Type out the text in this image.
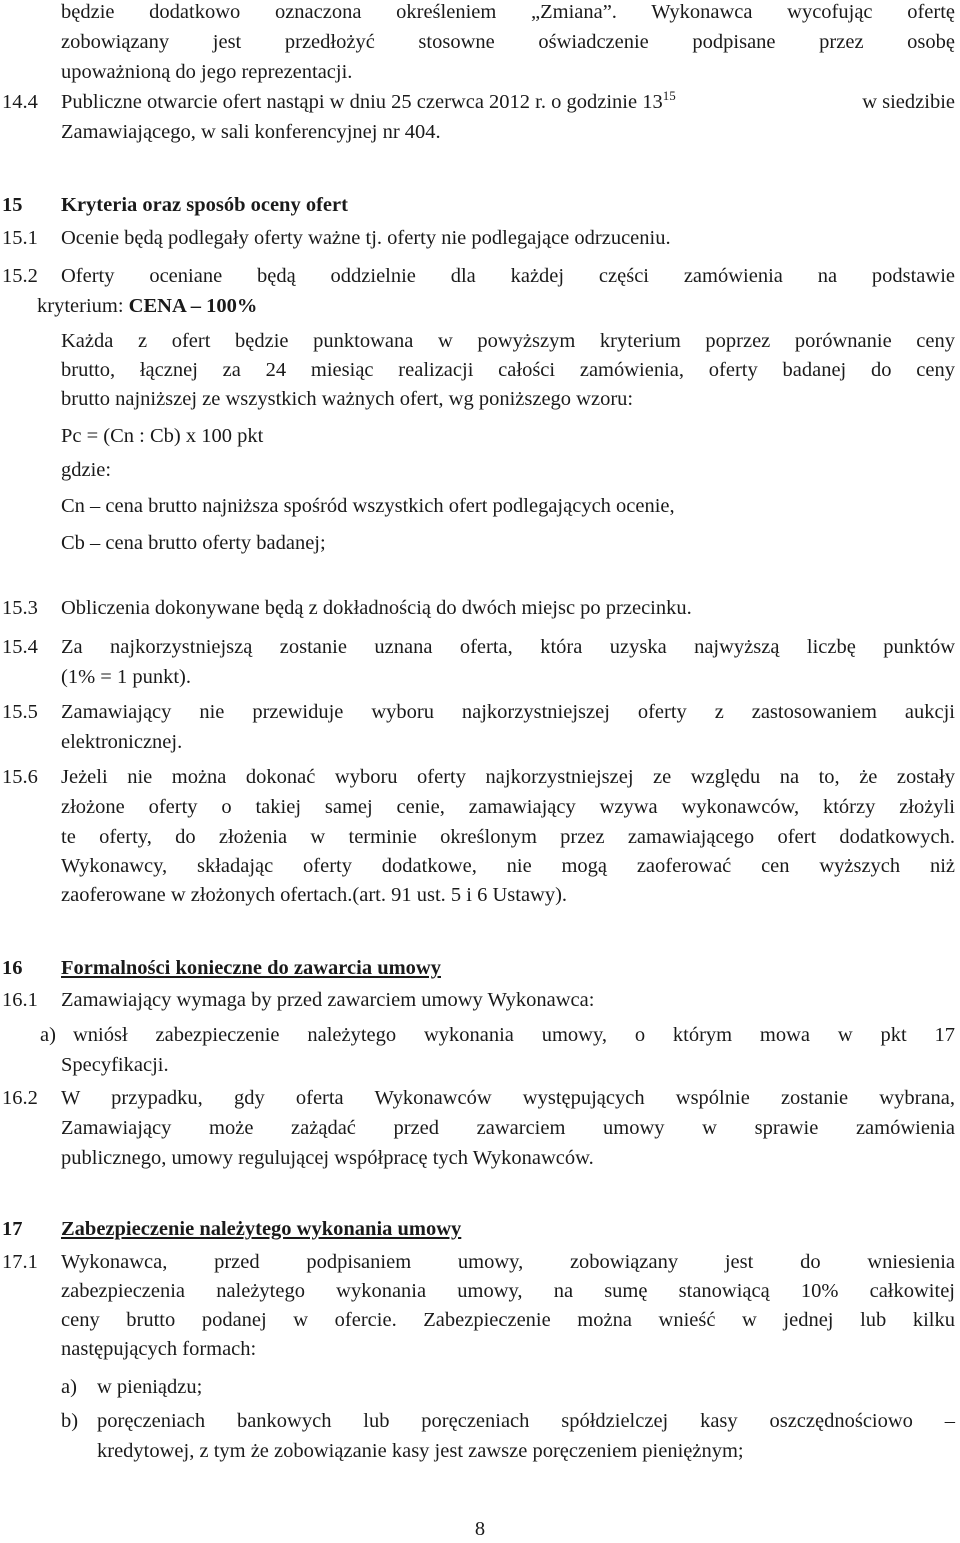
będzie dodatkowo oznaczona określeniem „Zmiana”. Wykonawca wycofując ofertę
zobowiązany jest przedłożyć stosowne oświadczenie podpisane przez osobę
upoważnioną do jego reprezentacji.
14.4 Publiczne otwarcie ofert nastąpi w dniu 25 czerwca 2012 r. o godzinie $13^{15}$	w siedzibie
Zamawiającego, w sali konferencyjnej nr 404.
15 Kryteria oraz sposób oceny ofert
15.1 Ocenie będą podlegały oferty ważne tj. oferty nie podlegające odrzuceniu.
15.2 Oferty oceniane będą oddzielnie dla każdej części zamówienia na podstawie
kryterium: CENA – 100%
Każda z ofert będzie punktowana w powyższym kryterium poprzez porównanie ceny
brutto, łącznej za 24 miesiąc realizacji całości zamówienia, oferty badanej do ceny
brutto najniższej ze wszystkich ważnych ofert, wg poniższego wzoru:
Pc = (Cn : Cb) x 100 pkt
gdzie:
Cn – cena brutto najniższa spośród wszystkich ofert podlegających ocenie,
Cb – cena brutto oferty badanej;
15.3 Obliczenia dokonywane będą z dokładnością do dwóch miejsc po przecinku.
15.4 Za najkorzystniejszą zostanie uznana oferta, która uzyska najwyższą liczbę punktów
(1% = 1 punkt).
15.5 Zamawiający nie przewiduje wyboru najkorzystniejszej oferty z zastosowaniem aukcji
elektronicznej.
15.6 Jeżeli nie można dokonać wyboru oferty najkorzystniejszej ze względu na to, że zostały
złożone oferty o takiej samej cenie, zamawiający wzywa wykonawców, którzy złożyli
te oferty, do złożenia w terminie określonym przez zamawiającego ofert dodatkowych.
Wykonawcy, składając oferty dodatkowe, nie mogą zaoferować cen wyższych niż
zaoferowane w złożonych ofertach.(art. 91 ust. 5 i 6 Ustawy).
16 Formalności konieczne do zawarcia umowy
16.1 Zamawiający wymaga by przed zawarciem umowy Wykonawca:
a) wniósł zabezpieczenie należytego wykonania umowy, o którym mowa w pkt 17
Specyfikacji.
16.2 W przypadku, gdy oferta Wykonawców występujących wspólnie zostanie wybrana,
Zamawiający może zażądać przed zawarciem umowy w sprawie zamówienia
publicznego, umowy regulującej współpracę tych Wykonawców.
17 Zabezpieczenie należytego wykonania umowy
17.1 Wykonawca, przed podpisaniem umowy, zobowiązany jest do wniesienia
zabezpieczenia należytego wykonania umowy, na sumę stanowiącą 10% całkowitej
ceny brutto podanej w ofercie. Zabezpieczenie można wnieść w jednej lub kilku
następujących formach:
a) w pieniądzu;
b) poręczeniach bankowych lub poręczeniach spółdzielczej kasy oszczędnościowo –
kredytowej, z tym że zobowiązanie kasy jest zawsze poręczeniem pieniężnym;
8
